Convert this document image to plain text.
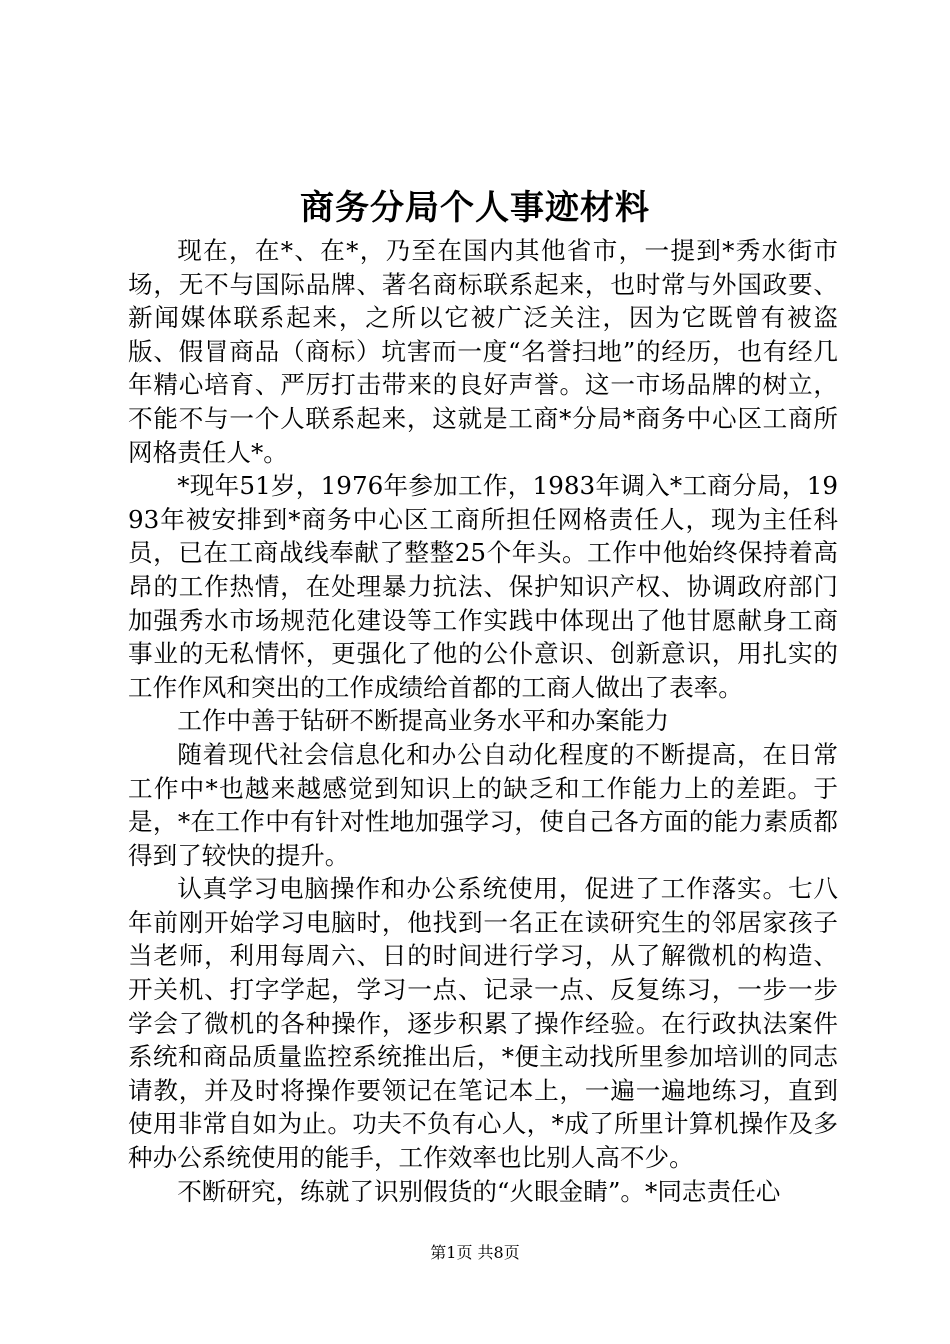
商务分局个人事迹材料

现在，在*、在*，乃至在国内其他省市，一提到*秀水街市场，无不与国际品牌、著名商标联系起来，也时常与外国政要、新闻媒体联系起来，之所以它被广泛关注，因为它既曾有被盗版、假冒商品（商标）坑害而一度“名誉扫地”的经历，也有经几年精心培育、严厉打击带来的良好声誉。这一市场品牌的树立，不能不与一个人联系起来，这就是工商*分局*商务中心区工商所网格责任人*。

*现年51岁，1976年参加工作，1983年调入*工商分局，1993年被安排到*商务中心区工商所担任网格责任人，现为主任科员，已在工商战线奉献了整整25个年头。工作中他始终保持着高昂的工作热情，在处理暴力抗法、保护知识产权、协调政府部门加强秀水市场规范化建设等工作实践中体现出了他甘愿献身工商事业的无私情怀，更强化了他的公仆意识、创新意识，用扎实的工作作风和突出的工作成绩给首都的工商人做出了表率。

工作中善于钻研不断提高业务水平和办案能力

随着现代社会信息化和办公自动化程度的不断提高，在日常工作中*也越来越感觉到知识上的缺乏和工作能力上的差距。于是，*在工作中有针对性地加强学习，使自己各方面的能力素质都得到了较快的提升。

认真学习电脑操作和办公系统使用，促进了工作落实。七八年前刚开始学习电脑时，他找到一名正在读研究生的邻居家孩子当老师，利用每周六、日的时间进行学习，从了解微机的构造、开关机、打字学起，学习一点、记录一点、反复练习，一步一步学会了微机的各种操作，逐步积累了操作经验。在行政执法案件系统和商品质量监控系统推出后，*便主动找所里参加培训的同志请教，并及时将操作要领记在笔记本上，一遍一遍地练习，直到使用非常自如为止。功夫不负有心人，*成了所里计算机操作及多种办公系统使用的能手，工作效率也比别人高不少。

不断研究，练就了识别假货的“火眼金睛”。*同志责任心

第1页 共8页
